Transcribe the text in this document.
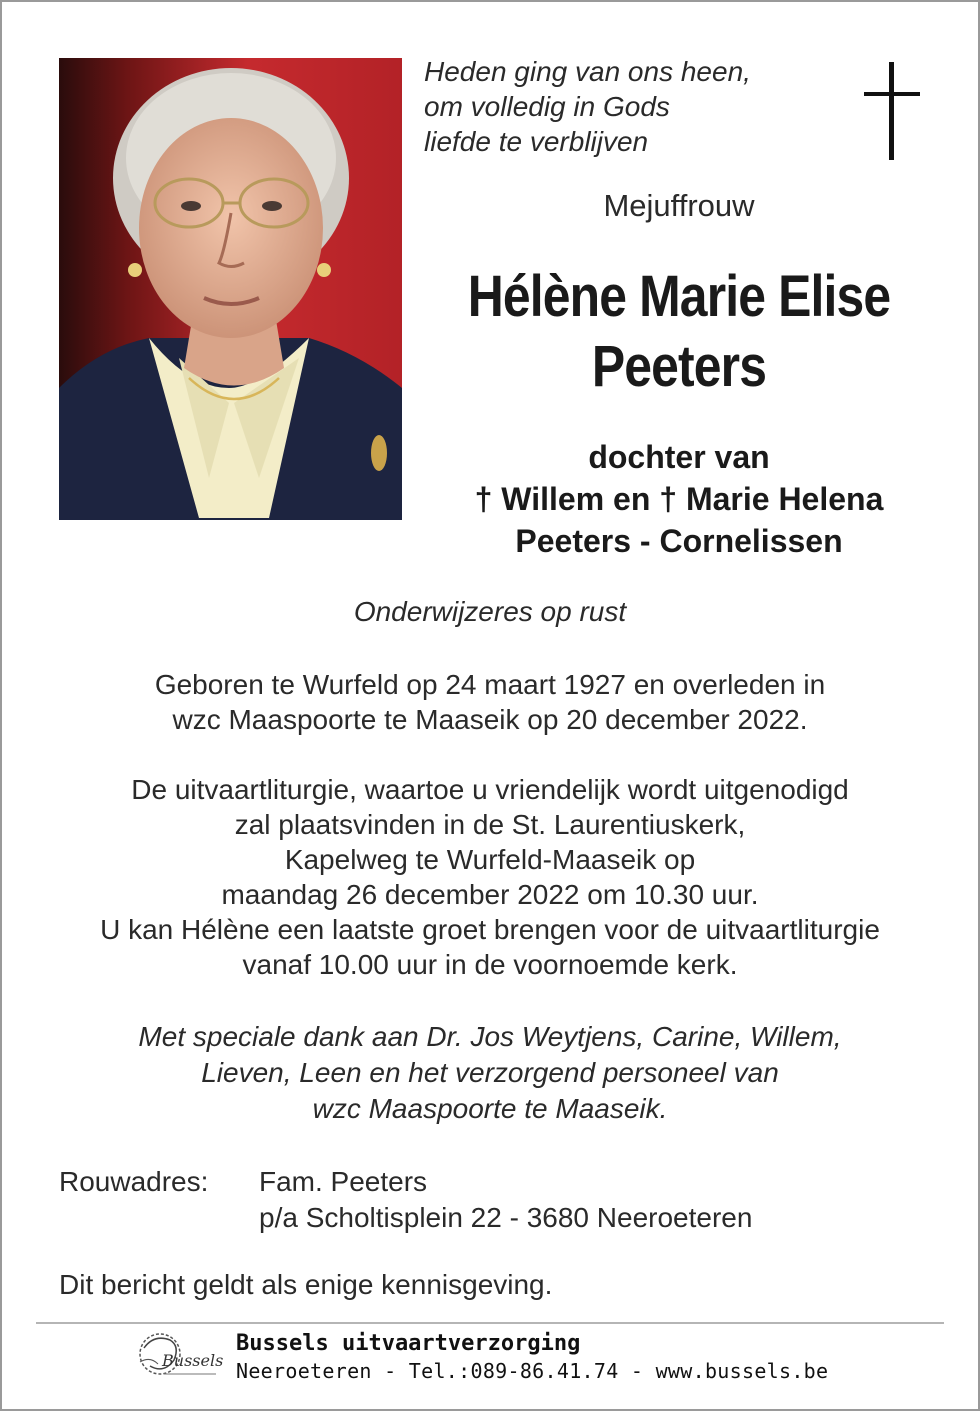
Heden ging van ons heen,
om volledig in Gods
liefde te verblijven
Mejuffrouw
Hélène Marie Elise
Peeters
dochter van
† Willem en † Marie Helena
Peeters - Cornelissen
Onderwijzeres op rust
Geboren te Wurfeld op 24 maart 1927 en overleden in
wzc Maaspoorte te Maaseik op 20 december 2022.
De uitvaartliturgie, waartoe u vriendelijk wordt uitgenodigd
zal plaatsvinden in de St. Laurentiuskerk,
Kapelweg te Wurfeld-Maaseik op
maandag 26 december 2022 om 10.30 uur.
U kan Hélène een laatste groet brengen voor de uitvaartliturgie
vanaf 10.00 uur in de voornoemde kerk.
Met speciale dank aan Dr. Jos Weytjens, Carine, Willem,
Lieven, Leen en het verzorgend personeel van
wzc Maaspoorte te Maaseik.
Rouwadres: Fam. Peeters
p/a Scholtisplein 22 - 3680 Neeroeteren
Dit bericht geldt als enige kennisgeving.
Bussels
Bussels uitvaartverzorging
Neeroeteren - Tel.:089-86.41.74 - www.bussels.be
